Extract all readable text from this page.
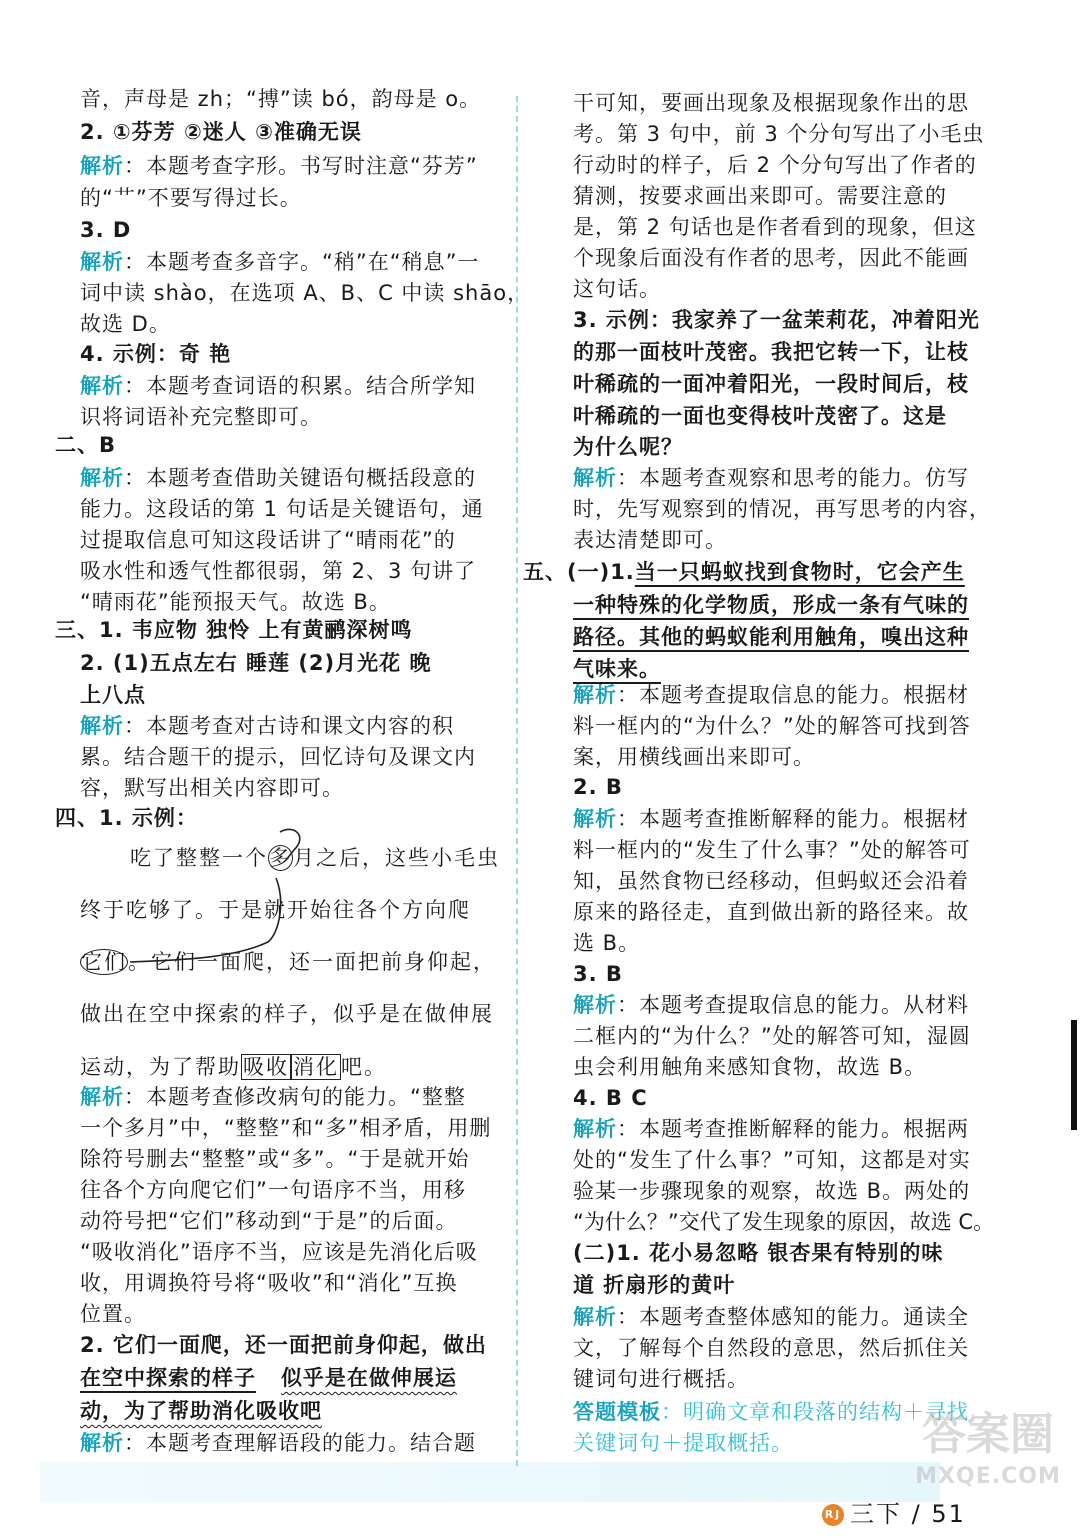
音，声母是 zh；“搏”读 bó，韵母是 o。
2. ①芬芳 ②迷人 ③准确无误
解析：本题考查字形。书写时注意“芬芳”
的“艹”不要写得过长。
3. D
解析：本题考查多音字。“稍”在“稍息”一
词中读 shào，在选项 A、B、C 中读 shāo，
故选 D。
4. 示例：奇 艳
解析：本题考查词语的积累。结合所学知
识将词语补充完整即可。
二、B
解析：本题考查借助关键语句概括段意的
能力。这段话的第 1 句话是关键语句，通
过提取信息可知这段话讲了“晴雨花”的
吸水性和透气性都很弱，第 2、3 句讲了
“晴雨花”能预报天气。故选 B。
三、1. 韦应物 独怜 上有黄鹂深树鸣
2. (1)五点左右 睡莲 (2)月光花 晚
上八点
解析：本题考查对古诗和课文内容的积
累。结合题干的提示，回忆诗句及课文内
容，默写出相关内容即可。
四、1. 示例：
吃了整整一个多月之后，这些小毛虫
终于吃够了。于是就开始往各个方向爬
它们。它们一面爬，还一面把前身仰起，
做出在空中探索的样子，似乎是在做伸展
运动，为了帮助吸收 消化吧。
解析：本题考查修改病句的能力。“整整
一个多月”中，“整整”和“多”相矛盾，用删
除符号删去“整整”或“多”。“于是就开始
往各个方向爬它们”一句语序不当，用移
动符号把“它们”移动到“于是”的后面。
“吸收消化”语序不当，应该是先消化后吸
收，用调换符号将“吸收”和“消化”互换
位置。
2. 它们一面爬，还一面把前身仰起，做出
在空中探索的样子 似乎是在做伸展运
动，为了帮助消化吸收吧
解析：本题考查理解语段的能力。结合题
干可知，要画出现象及根据现象作出的思
考。第 3 句中，前 3 个分句写出了小毛虫
行动时的样子，后 2 个分句写出了作者的
猜测，按要求画出来即可。需要注意的
是，第 2 句话也是作者看到的现象，但这
个现象后面没有作者的思考，因此不能画
这句话。
3. 示例：我家养了一盆茉莉花，冲着阳光
的那一面枝叶茂密。我把它转一下，让枝
叶稀疏的一面冲着阳光，一段时间后，枝
叶稀疏的一面也变得枝叶茂密了。这是
为什么呢？
解析：本题考查观察和思考的能力。仿写
时，先写观察到的情况，再写思考的内容，
表达清楚即可。
五、(一)1.当一只蚂蚁找到食物时，它会产生
一种特殊的化学物质，形成一条有气味的
路径。其他的蚂蚁能利用触角，嗅出这种
气味来。
解析：本题考查提取信息的能力。根据材
料一框内的“为什么？”处的解答可找到答
案，用横线画出来即可。
2. B
解析：本题考查推断解释的能力。根据材
料一框内的“发生了什么事？”处的解答可
知，虽然食物已经移动，但蚂蚁还会沿着
原来的路径走，直到做出新的路径来。故
选 B。
3. B
解析：本题考查提取信息的能力。从材料
二框内的“为什么？”处的解答可知，湿圆
虫会利用触角来感知食物，故选 B。
4. B C
解析：本题考查推断解释的能力。根据两
处的“发生了什么事？”可知，这都是对实
验某一步骤现象的观察，故选 B。两处的
“为什么？”交代了发生现象的原因，故选 C。
(二)1. 花小易忽略 银杏果有特别的味
道 折扇形的黄叶
解析：本题考查整体感知的能力。通读全
文，了解每个自然段的意思，然后抓住关
键词句进行概括。
答题模板：明确文章和段落的结构＋寻找
关键词句＋提取概括。
RJ 三下 / 51
答案圈
MXQE.COM
